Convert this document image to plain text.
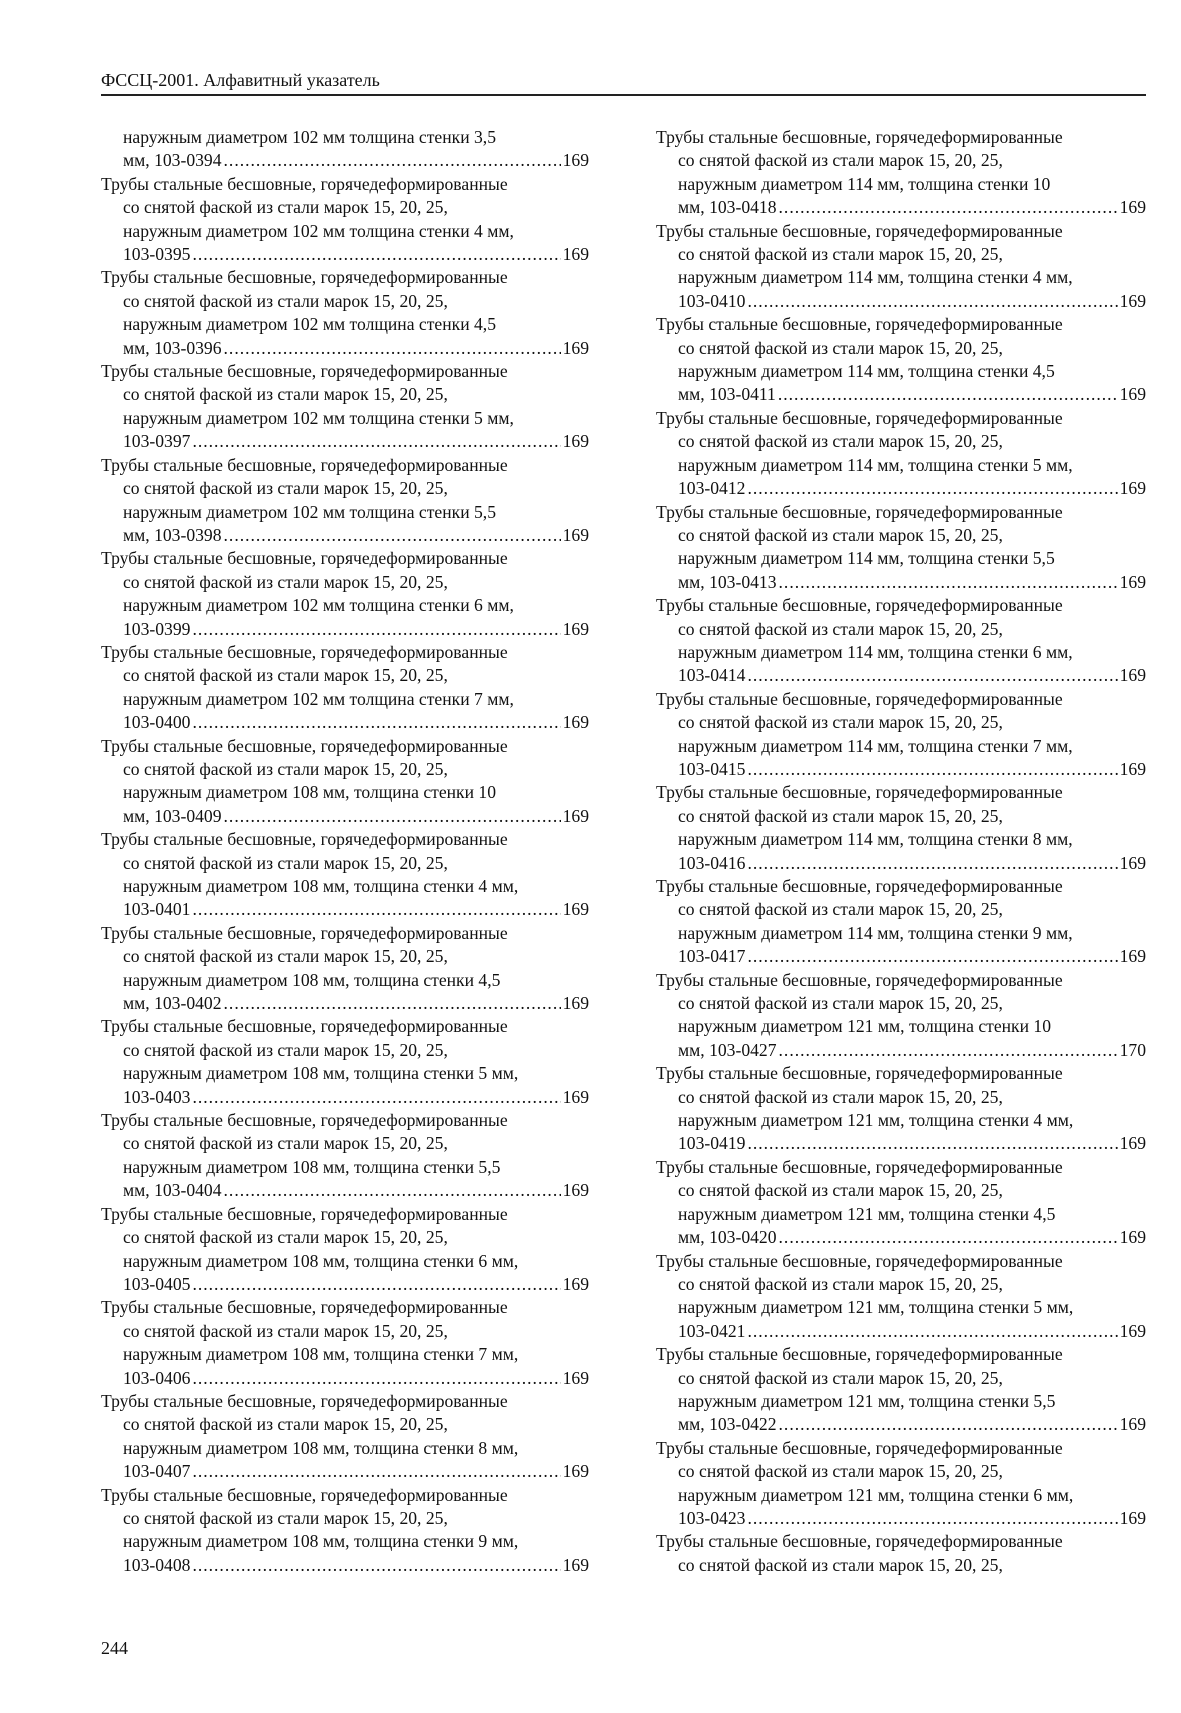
ФССЦ-2001. Алфавитный указатель
наружным диаметром 102 мм толщина стенки 3,5
мм, 103-0394 .....	169
Трубы стальные бесшовные, горячедеформированные
со снятой фаской из стали марок 15, 20, 25,
наружным диаметром 102 мм толщина стенки 4 мм,
103-0395 .....	169
Трубы стальные бесшовные, горячедеформированные
со снятой фаской из стали марок 15, 20, 25,
наружным диаметром 102 мм толщина стенки 4,5
мм, 103-0396 .....	169
Трубы стальные бесшовные, горячедеформированные
со снятой фаской из стали марок 15, 20, 25,
наружным диаметром 102 мм толщина стенки 5 мм,
103-0397 .....	169
Трубы стальные бесшовные, горячедеформированные
со снятой фаской из стали марок 15, 20, 25,
наружным диаметром 102 мм толщина стенки 5,5
мм, 103-0398 .....	169
Трубы стальные бесшовные, горячедеформированные
со снятой фаской из стали марок 15, 20, 25,
наружным диаметром 102 мм толщина стенки 6 мм,
103-0399 .....	169
Трубы стальные бесшовные, горячедеформированные
со снятой фаской из стали марок 15, 20, 25,
наружным диаметром 102 мм толщина стенки 7 мм,
103-0400 .....	169
Трубы стальные бесшовные, горячедеформированные
со снятой фаской из стали марок 15, 20, 25,
наружным диаметром 108 мм, толщина стенки 10
мм, 103-0409 .....	169
Трубы стальные бесшовные, горячедеформированные
со снятой фаской из стали марок 15, 20, 25,
наружным диаметром 108 мм, толщина стенки 4 мм,
103-0401 .....	169
Трубы стальные бесшовные, горячедеформированные
со снятой фаской из стали марок 15, 20, 25,
наружным диаметром 108 мм, толщина стенки 4,5
мм, 103-0402 .....	169
Трубы стальные бесшовные, горячедеформированные
со снятой фаской из стали марок 15, 20, 25,
наружным диаметром 108 мм, толщина стенки 5 мм,
103-0403 .....	169
Трубы стальные бесшовные, горячедеформированные
со снятой фаской из стали марок 15, 20, 25,
наружным диаметром 108 мм, толщина стенки 5,5
мм, 103-0404 .....	169
Трубы стальные бесшовные, горячедеформированные
со снятой фаской из стали марок 15, 20, 25,
наружным диаметром 108 мм, толщина стенки 6 мм,
103-0405 .....	169
Трубы стальные бесшовные, горячедеформированные
со снятой фаской из стали марок 15, 20, 25,
наружным диаметром 108 мм, толщина стенки 7 мм,
103-0406 .....	169
Трубы стальные бесшовные, горячедеформированные
со снятой фаской из стали марок 15, 20, 25,
наружным диаметром 108 мм, толщина стенки 8 мм,
103-0407 .....	169
Трубы стальные бесшовные, горячедеформированные
со снятой фаской из стали марок 15, 20, 25,
наружным диаметром 108 мм, толщина стенки 9 мм,
103-0408 .....	169
Трубы стальные бесшовные, горячедеформированные
со снятой фаской из стали марок 15, 20, 25,
наружным диаметром 114 мм, толщина стенки 10
мм, 103-0418 .....	169
Трубы стальные бесшовные, горячедеформированные
со снятой фаской из стали марок 15, 20, 25,
наружным диаметром 114 мм, толщина стенки 4 мм,
103-0410 .....	169
Трубы стальные бесшовные, горячедеформированные
со снятой фаской из стали марок 15, 20, 25,
наружным диаметром 114 мм, толщина стенки 4,5
мм, 103-0411 .....	169
Трубы стальные бесшовные, горячедеформированные
со снятой фаской из стали марок 15, 20, 25,
наружным диаметром 114 мм, толщина стенки 5 мм,
103-0412 .....	169
Трубы стальные бесшовные, горячедеформированные
со снятой фаской из стали марок 15, 20, 25,
наружным диаметром 114 мм, толщина стенки 5,5
мм, 103-0413 .....	169
Трубы стальные бесшовные, горячедеформированные
со снятой фаской из стали марок 15, 20, 25,
наружным диаметром 114 мм, толщина стенки 6 мм,
103-0414 .....	169
Трубы стальные бесшовные, горячедеформированные
со снятой фаской из стали марок 15, 20, 25,
наружным диаметром 114 мм, толщина стенки 7 мм,
103-0415 .....	169
Трубы стальные бесшовные, горячедеформированные
со снятой фаской из стали марок 15, 20, 25,
наружным диаметром 114 мм, толщина стенки 8 мм,
103-0416 .....	169
Трубы стальные бесшовные, горячедеформированные
со снятой фаской из стали марок 15, 20, 25,
наружным диаметром 114 мм, толщина стенки 9 мм,
103-0417 .....	169
Трубы стальные бесшовные, горячедеформированные
со снятой фаской из стали марок 15, 20, 25,
наружным диаметром 121 мм, толщина стенки 10
мм, 103-0427 .....	170
Трубы стальные бесшовные, горячедеформированные
со снятой фаской из стали марок 15, 20, 25,
наружным диаметром 121 мм, толщина стенки 4 мм,
103-0419 .....	169
Трубы стальные бесшовные, горячедеформированные
со снятой фаской из стали марок 15, 20, 25,
наружным диаметром 121 мм, толщина стенки 4,5
мм, 103-0420 .....	169
Трубы стальные бесшовные, горячедеформированные
со снятой фаской из стали марок 15, 20, 25,
наружным диаметром 121 мм, толщина стенки 5 мм,
103-0421 .....	169
Трубы стальные бесшовные, горячедеформированные
со снятой фаской из стали марок 15, 20, 25,
наружным диаметром 121 мм, толщина стенки 5,5
мм, 103-0422 .....	169
Трубы стальные бесшовные, горячедеформированные
со снятой фаской из стали марок 15, 20, 25,
наружным диаметром 121 мм, толщина стенки 6 мм,
103-0423 .....	169
Трубы стальные бесшовные, горячедеформированные
со снятой фаской из стали марок 15, 20, 25,
244
